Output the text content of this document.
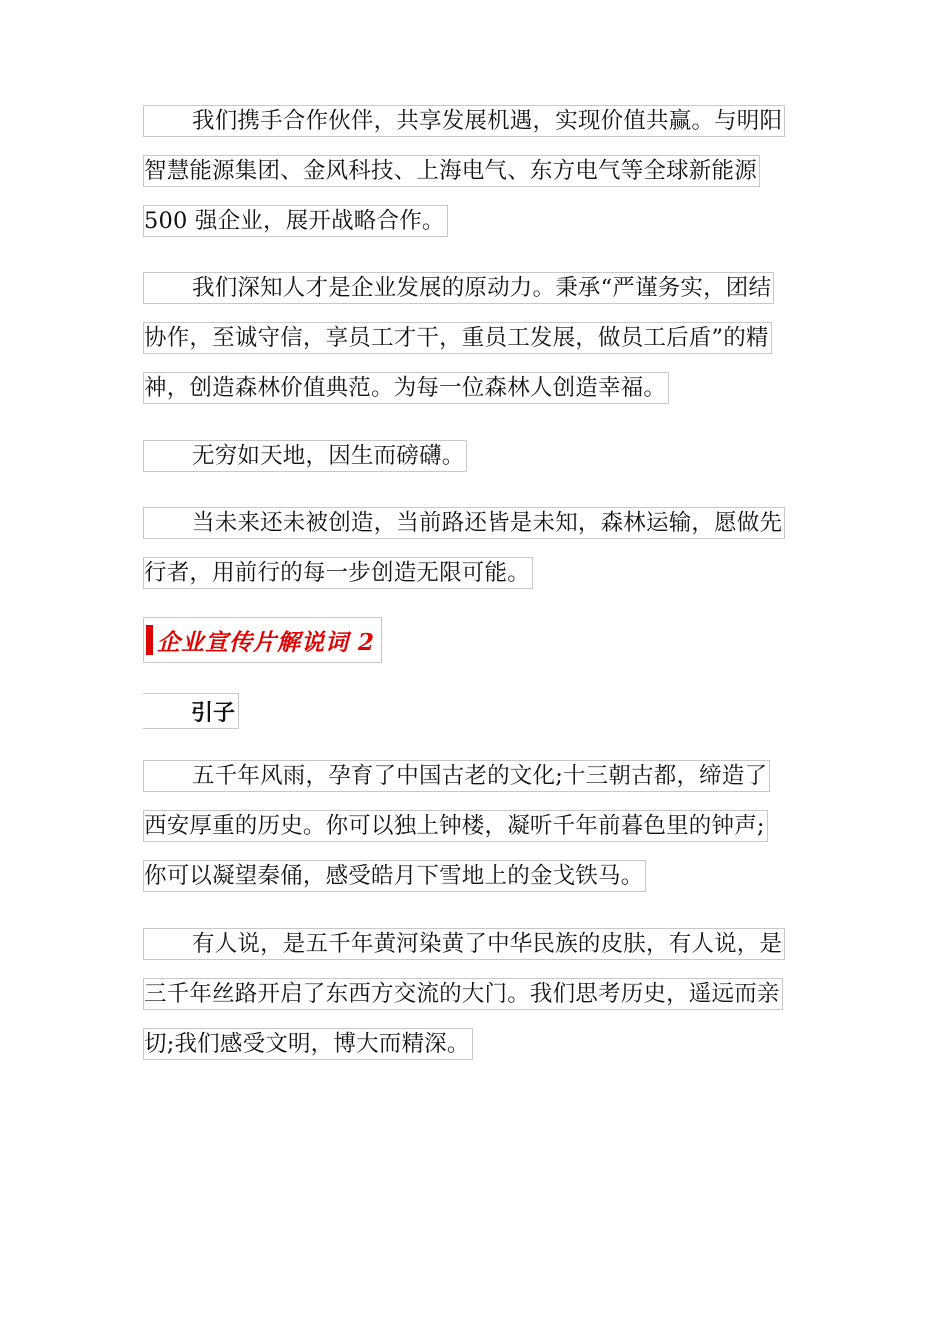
我们携手合作伙伴，共享发展机遇，实现价值共赢。与明阳
智慧能源集团、金风科技、上海电气、东方电气等全球新能源
500 强企业，展开战略合作。
我们深知人才是企业发展的原动力。秉承“严谨务实，团结
协作，至诚守信，享员工才干，重员工发展，做员工后盾”的精
神，创造森林价值典范。为每一位森林人创造幸福。
无穷如天地，因生而磅礴。
当未来还未被创造，当前路还皆是未知，森林运输，愿做先
行者，用前行的每一步创造无限可能。
企业宣传片解说词 2
引子
五千年风雨，孕育了中国古老的文化;十三朝古都，缔造了
西安厚重的历史。你可以独上钟楼，凝听千年前暮色里的钟声;
你可以凝望秦俑，感受皓月下雪地上的金戈铁马。
有人说，是五千年黄河染黄了中华民族的皮肤，有人说，是
三千年丝路开启了东西方交流的大门。我们思考历史，遥远而亲
切;我们感受文明，博大而精深。
